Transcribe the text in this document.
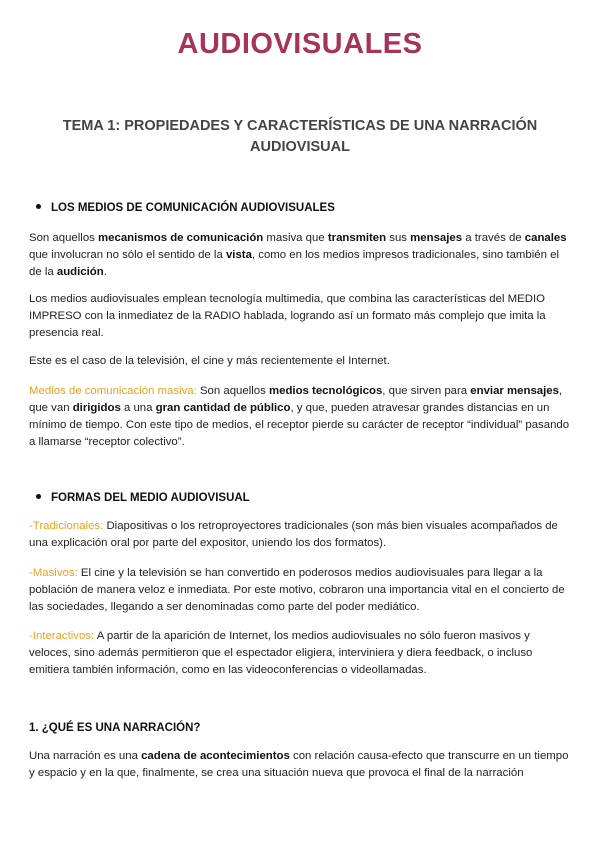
AUDIOVISUALES
TEMA 1: PROPIEDADES Y CARACTERÍSTICAS DE UNA NARRACIÓN AUDIOVISUAL
LOS MEDIOS DE COMUNICACIÓN AUDIOVISUALES
Son aquellos mecanismos de comunicación masiva que transmiten sus mensajes a través de canales que involucran no sólo el sentido de la vista, como en los medios impresos tradicionales, sino también el de la audición.
Los medios audiovisuales emplean tecnología multimedia, que combina las características del MEDIO IMPRESO con la inmediatez de la RADIO hablada, logrando así un formato más complejo que imita la presencia real.
Este es el caso de la televisión, el cine y más recientemente el Internet.
Medios de comunicación masiva: Son aquellos medios tecnológicos, que sirven para enviar mensajes, que van dirigidos a una gran cantidad de público, y que, pueden atravesar grandes distancias en un mínimo de tiempo. Con este tipo de medios, el receptor pierde su carácter de receptor “individual” pasando a llamarse “receptor colectivo”.
FORMAS DEL MEDIO AUDIOVISUAL
-Tradicionales: Diapositivas o los retroproyectores tradicionales (son más bien visuales acompañados de una explicación oral por parte del expositor, uniendo los dos formatos).
-Masivos: El cine y la televisión se han convertido en poderosos medios audiovisuales para llegar a la población de manera veloz e inmediata. Por este motivo, cobraron una importancia vital en el concierto de las sociedades, llegando a ser denominadas como parte del poder mediático.
-Interactivos: A partir de la aparición de Internet, los medios audiovisuales no sólo fueron masivos y veloces, sino además permitieron que el espectador eligiera, interviniera y diera feedback, o incluso emitiera también información, como en las videoconferencias o videollamadas.
1. ¿QUÉ ES UNA NARRACIÓN?
Una narración es una cadena de acontecimientos con relación causa-efecto que transcurre en un tiempo y espacio y en la que, finalmente, se crea una situación nueva que provoca el final de la narración
